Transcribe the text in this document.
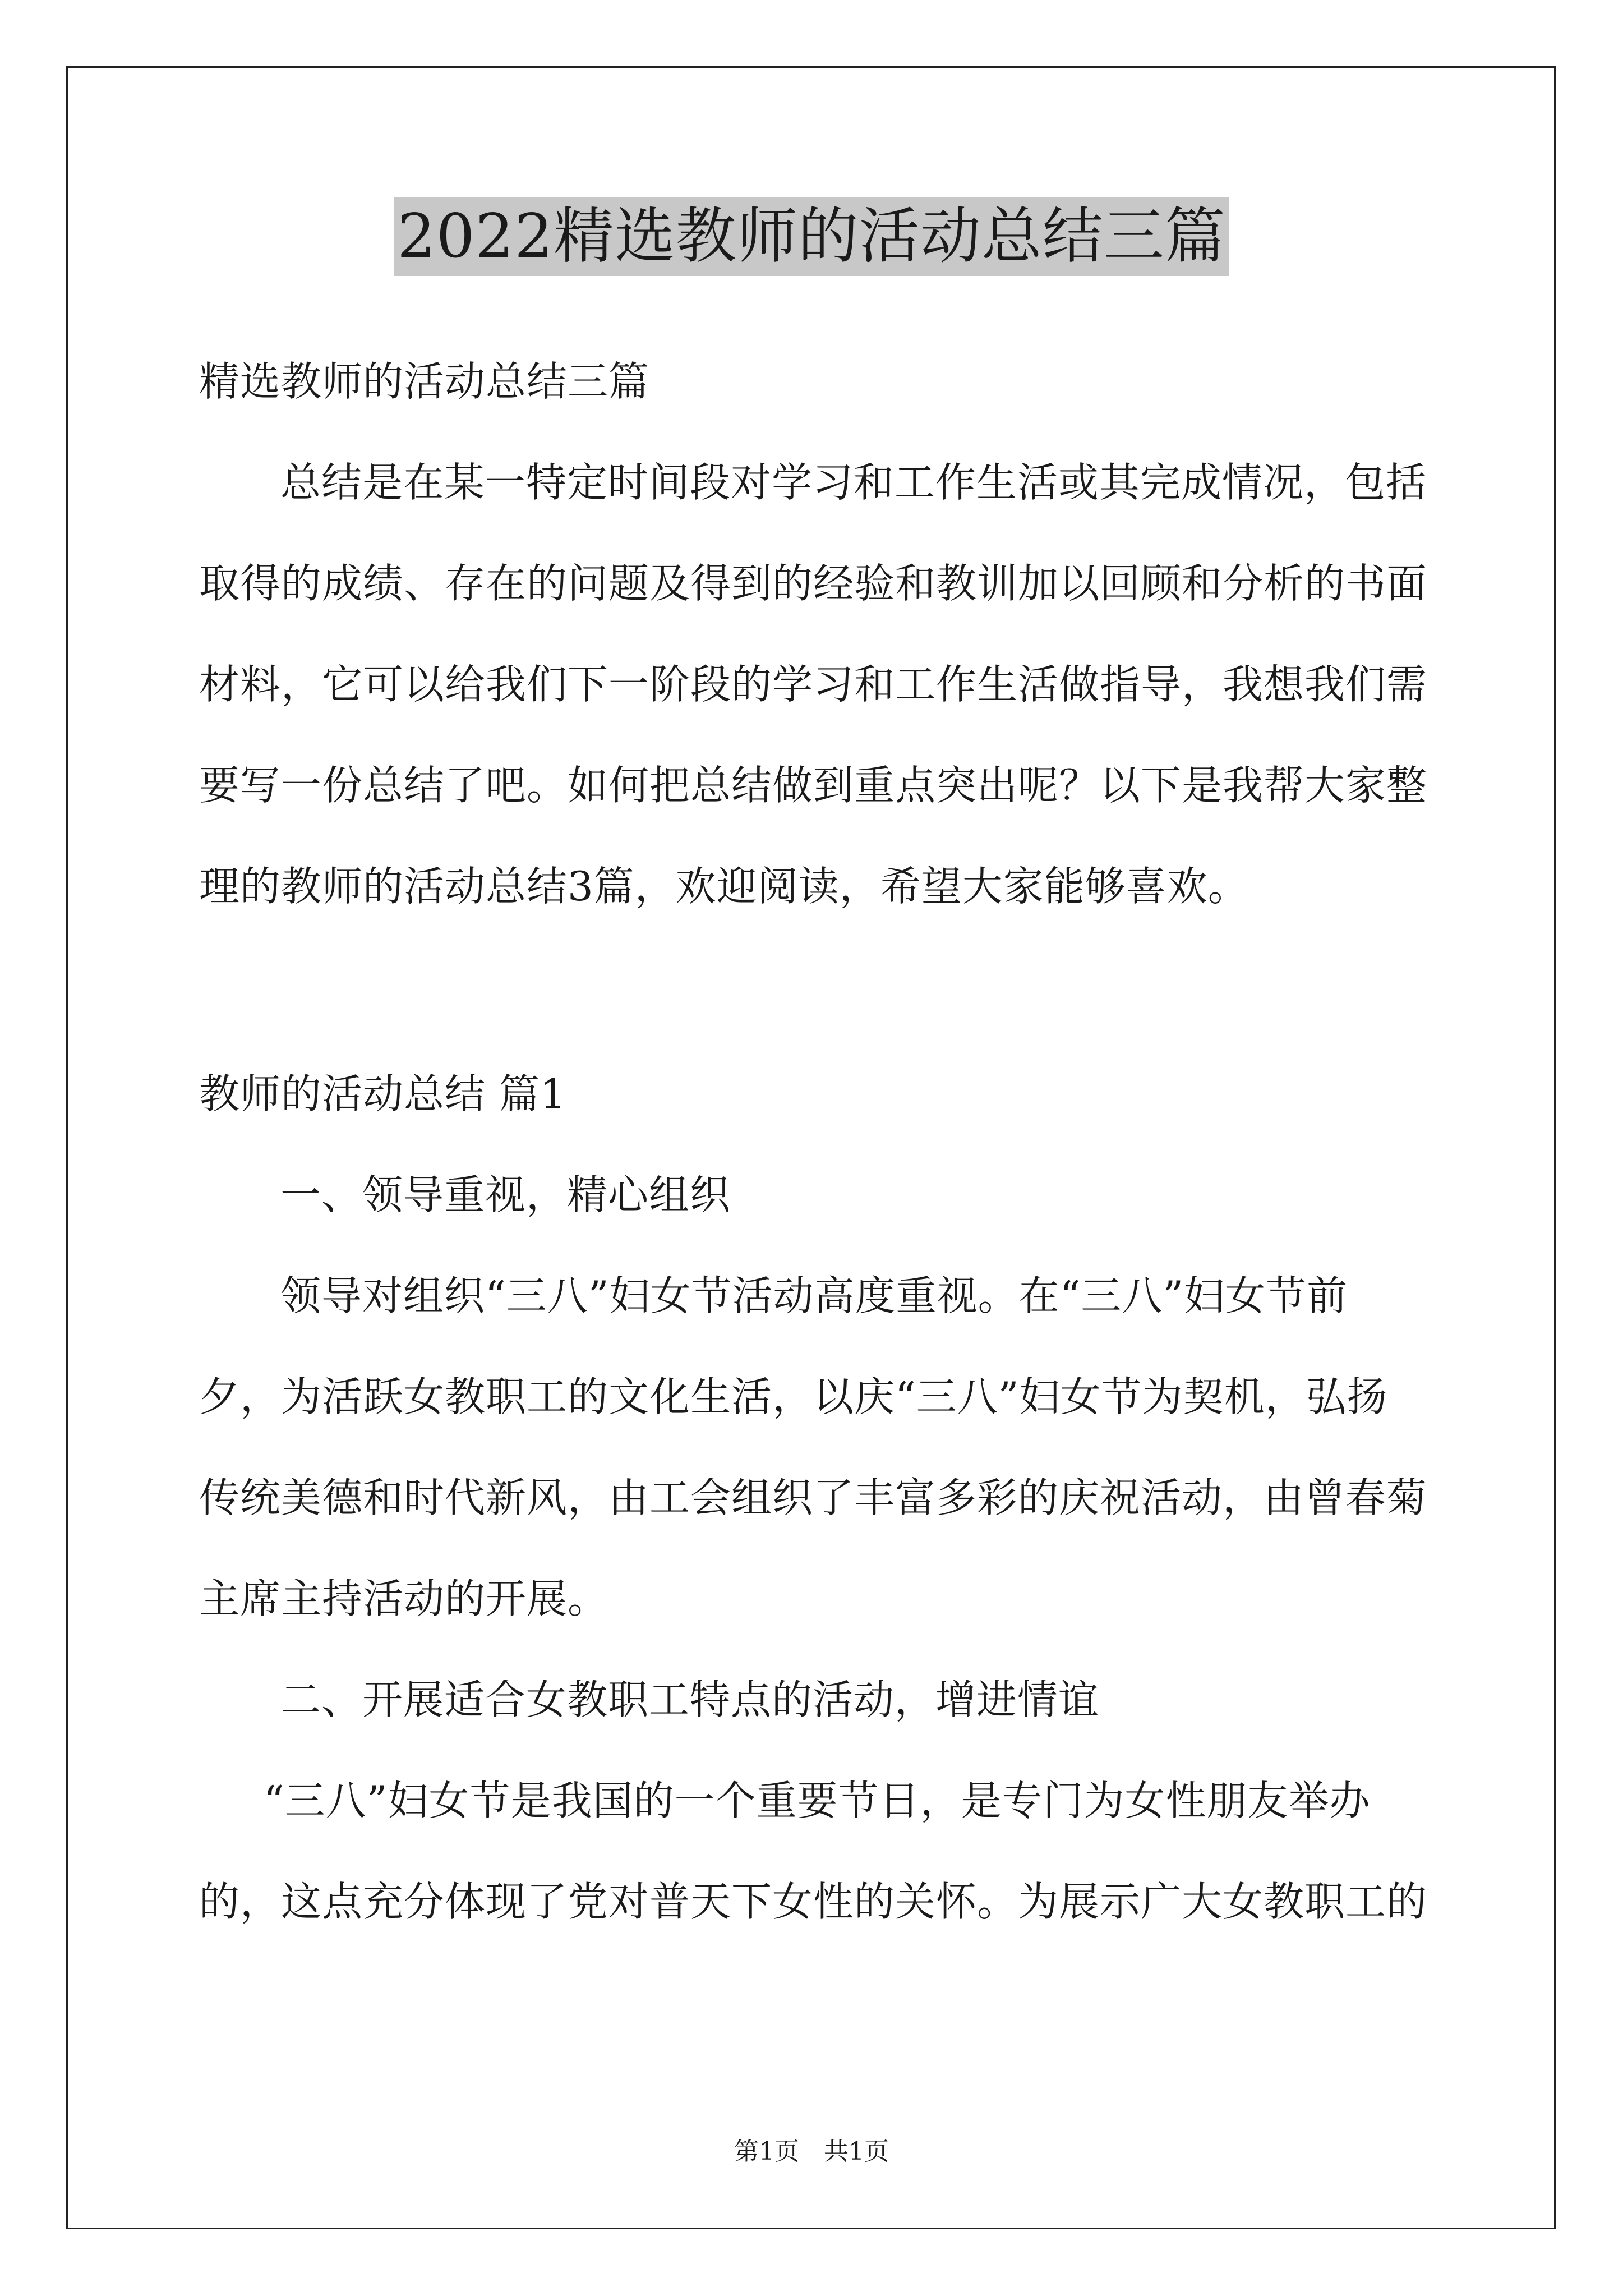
2022精选教师的活动总结三篇
精选教师的活动总结三篇
总结是在某一特定时间段对学习和工作生活或其完成情况，包括
取得的成绩、存在的问题及得到的经验和教训加以回顾和分析的书面
材料，它可以给我们下一阶段的学习和工作生活做指导，我想我们需
要写一份总结了吧。如何把总结做到重点突出呢？以下是我帮大家整
理的教师的活动总结3篇，欢迎阅读，希望大家能够喜欢。
教师的活动总结 篇1
一、领导重视，精心组织
领导对组织“三八”妇女节活动高度重视。在“三八”妇女节前
夕，为活跃女教职工的文化生活，以庆“三八”妇女节为契机，弘扬
传统美德和时代新风，由工会组织了丰富多彩的庆祝活动，由曾春菊
主席主持活动的开展。
二、开展适合女教职工特点的活动，增进情谊
“三八”妇女节是我国的一个重要节日，是专门为女性朋友举办
的，这点充分体现了党对普天下女性的关怀。为展示广大女教职工的
第1页　共1页
